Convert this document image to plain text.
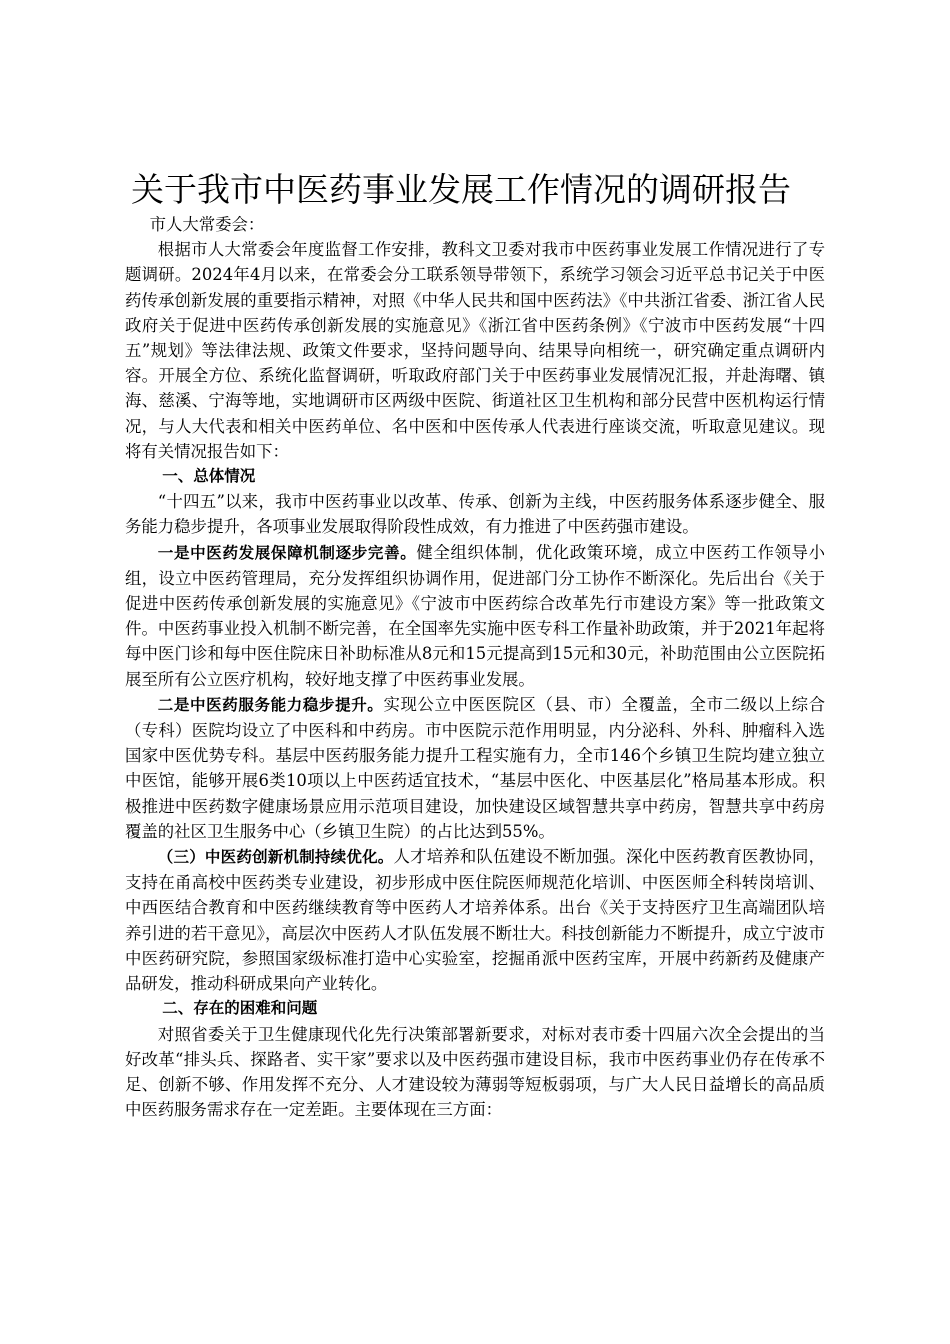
关于我市中医药事业发展工作情况的调研报告

市人大常委会：

根据市人大常委会年度监督工作安排，教科文卫委对我市中医药事业发展工作情况进行了专题调研。2024年4月以来，在常委会分工联系领导带领下，系统学习领会习近平总书记关于中医药传承创新发展的重要指示精神，对照《中华人民共和国中医药法》《中共浙江省委、浙江省人民政府关于促进中医药传承创新发展的实施意见》《浙江省中医药条例》《宁波市中医药发展“十四五”规划》等法律法规、政策文件要求，坚持问题导向、结果导向相统一，研究确定重点调研内容。开展全方位、系统化监督调研，听取政府部门关于中医药事业发展情况汇报，并赴海曙、镇海、慈溪、宁海等地，实地调研市区两级中医院、街道社区卫生机构和部分民营中医机构运行情况，与人大代表和相关中医药单位、名中医和中医传承人代表进行座谈交流，听取意见建议。现将有关情况报告如下：

一、总体情况

“十四五”以来，我市中医药事业以改革、传承、创新为主线，中医药服务体系逐步健全、服务能力稳步提升，各项事业发展取得阶段性成效，有力推进了中医药强市建设。

一是中医药发展保障机制逐步完善。健全组织体制，优化政策环境，成立中医药工作领导小组，设立中医药管理局，充分发挥组织协调作用，促进部门分工协作不断深化。先后出台《关于促进中医药传承创新发展的实施意见》《宁波市中医药综合改革先行市建设方案》等一批政策文件。中医药事业投入机制不断完善，在全国率先实施中医专科工作量补助政策，并于2021年起将每中医门诊和每中医住院床日补助标准从8元和15元提高到15元和30元，补助范围由公立医院拓展至所有公立医疗机构，较好地支撑了中医药事业发展。

二是中医药服务能力稳步提升。实现公立中医医院区（县、市）全覆盖，全市二级以上综合（专科）医院均设立了中医科和中药房。市中医院示范作用明显，内分泌科、外科、肿瘤科入选国家中医优势专科。基层中医药服务能力提升工程实施有力，全市146个乡镇卫生院均建立独立中医馆，能够开展6类10项以上中医药适宜技术，“基层中医化、中医基层化”格局基本形成。积极推进中医药数字健康场景应用示范项目建设，加快建设区域智慧共享中药房，智慧共享中药房覆盖的社区卫生服务中心（乡镇卫生院）的占比达到55%。

（三）中医药创新机制持续优化。人才培养和队伍建设不断加强。深化中医药教育医教协同，支持在甬高校中医药类专业建设，初步形成中医住院医师规范化培训、中医医师全科转岗培训、中西医结合教育和中医药继续教育等中医药人才培养体系。出台《关于支持医疗卫生高端团队培养引进的若干意见》，高层次中医药人才队伍发展不断壮大。科技创新能力不断提升，成立宁波市中医药研究院，参照国家级标准打造中心实验室，挖掘甬派中医药宝库，开展中药新药及健康产品研发，推动科研成果向产业转化。

二、存在的困难和问题

对照省委关于卫生健康现代化先行决策部署新要求，对标对表市委十四届六次全会提出的当好改革“排头兵、探路者、实干家”要求以及中医药强市建设目标，我市中医药事业仍存在传承不足、创新不够、作用发挥不充分、人才建设较为薄弱等短板弱项，与广大人民日益增长的高品质中医药服务需求存在一定差距。主要体现在三方面：
